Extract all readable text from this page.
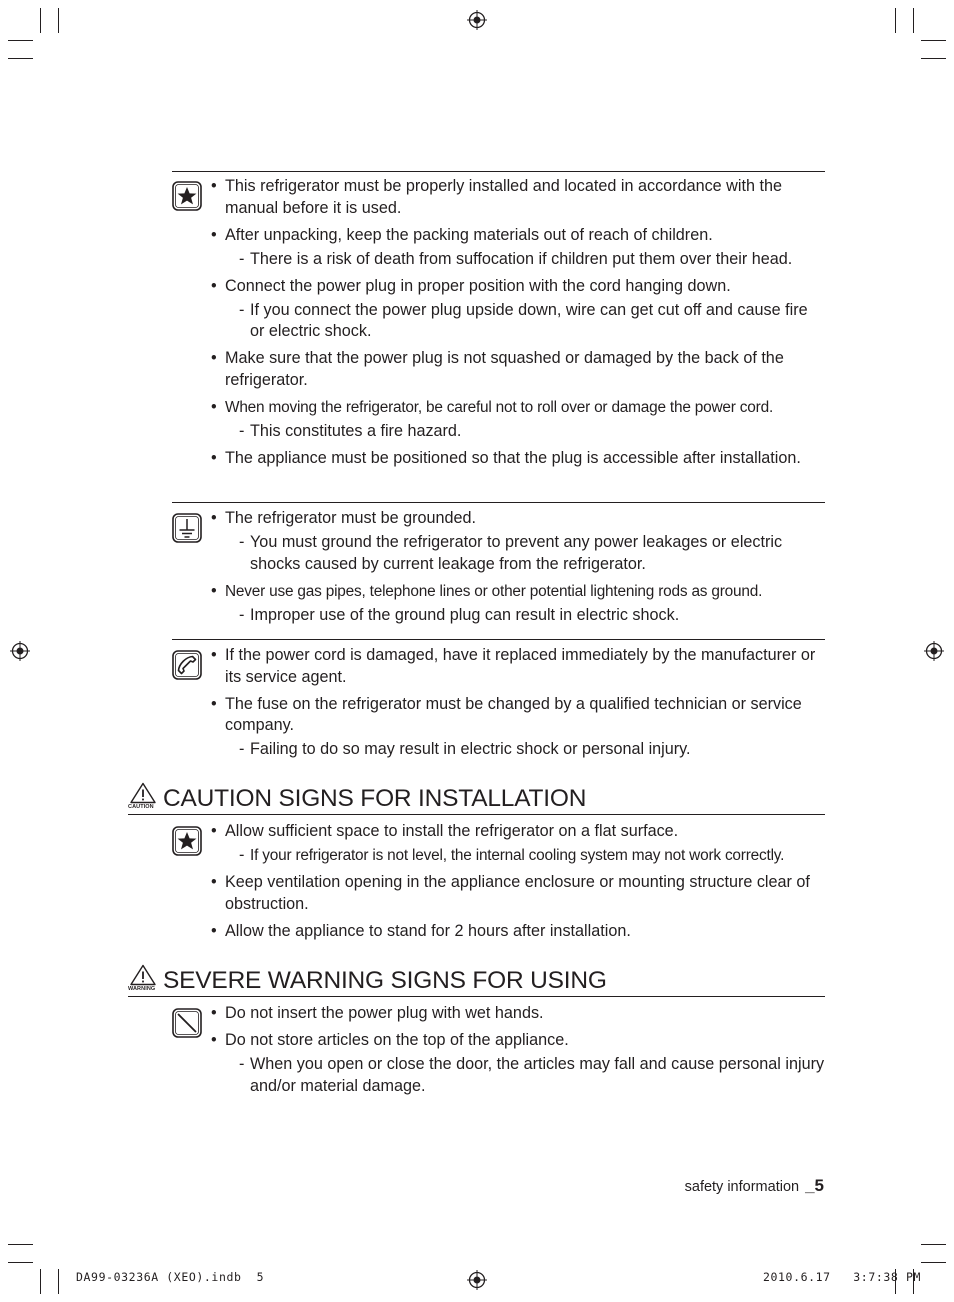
• This refrigerator must be properly installed and located in accordance with the manual before it is used.
• After unpacking, keep the packing materials out of reach of children.
- There is a risk of death from suffocation if children put them over their head.
• Connect the power plug in proper position with the cord hanging down.
- If you connect the power plug upside down, wire can get cut off and cause fire or electric shock.
• Make sure that the power plug is not squashed or damaged by the back of the refrigerator.
• When moving the refrigerator, be careful not to roll over or damage the power cord.
- This constitutes a fire hazard.
• The appliance must be positioned so that the plug is accessible after installation.
• The refrigerator must be grounded.
- You must ground the refrigerator to prevent any power leakages or electric shocks caused by current leakage from the refrigerator.
• Never use gas pipes, telephone lines or other potential lightening rods as ground.
- Improper use of the ground plug can result in electric shock.
• If the power cord is damaged, have it replaced immediately by the manufacturer or its service agent.
• The fuse on the refrigerator must be changed by a qualified technician or service company.
- Failing to do so may result in electric shock or personal injury.
CAUTION CAUTION SIGNS FOR INSTALLATION
• Allow sufficient space to install the refrigerator on a flat surface.
- If your refrigerator is not level, the internal cooling system may not work correctly.
• Keep ventilation opening in the appliance enclosure or mounting structure clear of obstruction.
• Allow the appliance to stand for 2 hours after installation.
WARNING SEVERE WARNING SIGNS FOR USING
• Do not insert the power plug with wet hands.
• Do not store articles on the top of the appliance.
- When you open or close the door, the articles may fall and cause personal injury and/or material damage.
safety information _5
DA99-03236A (XEO).indb 5	2010.6.17 3:7:38 PM
